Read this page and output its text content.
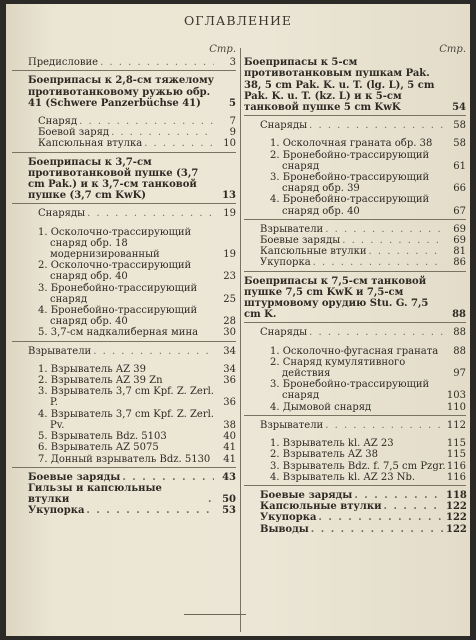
ОГЛАВЛЕНИЕ
Стр.
Предисловие . . .	3
Боеприпасы к 2,8-см тяжелому противотанковому ружью обр. 41 (Schwere Panzerbüchse 41)	5
Снаряд . . .	7
Боевой заряд . . .	9
Капсюльная втулка . . .	10
Боеприпасы к 3,7-см противотанковой пушке (3,7 cm Pak.) и к 3,7-см танковой пушке (3,7 cm KwK)	13
Снаряды . . .	19
1. Осколочно-трассирующий снаряд обр. 18 модернизированный	19
2. Осколочно-трассирующий снаряд обр. 40	23
3. Бронебойно-трассирующий снаряд	25
4. Бронебойно-трассирующий снаряд обр. 40	28
5. 3,7-см надкалиберная мина	30
Взрыватели . . .	34
1. Взрыватель AZ 39	34
2. Взрыватель AZ 39 Zn	36
3. Взрыватель 3,7 cm Kpf. Z. Zerl. P.	36
4. Взрыватель 3,7 cm Kpf. Z. Zerl. Pv.	38
5. Взрыватель Bdz. 5103	40
6. Взрыватель AZ 5075	41
7. Донный взрыватель Bdz. 5130	41
Боевые заряды . . .	43
Гильзы и капсюльные втулки . . .	50
Укупорка . . .	53
Стр.
Боеприпасы к 5-см противотанковым пушкам Pak. 38, 5 cm Pak. K. u. T. (lg. L), 5 cm Pak. K. u. T. (kz. L) и к 5-см танковой пушке 5 cm KwK	54
Снаряды . . .	58
1. Осколочная граната обр. 38	58
2. Бронебойно-трассирующий снаряд	61
3. Бронебойно-трассирующий снаряд обр. 39	66
4. Бронебойно-трассирующий снаряд обр. 40	67
Взрыватели . . .	69
Боевые заряды . . .	69
Капсюльные втулки . . .	81
Укупорка . . .	86
Боеприпасы к 7,5-см танковой пушке 7,5 cm KwK и 7,5-см штурмовому орудию Stu. G. 7,5 cm K.	88
Снаряды . . .	88
1. Осколочно-фугасная граната	88
2. Снаряд кумулятивного действия	97
3. Бронебойно-трассирующий снаряд	103
4. Дымовой снаряд	110
Взрыватели . . .	112
1. Взрыватель kl. AZ 23	115
2. Взрыватель AZ 38	115
3. Взрыватель Bdz. f. 7,5 cm Pzgr. 116
4. Взрыватель kl. AZ 23 Nb.	116
Боевые заряды . . .	118
Капсюльные втулки . . .	122
Укупорка . . .	122
Выводы . . .	122
